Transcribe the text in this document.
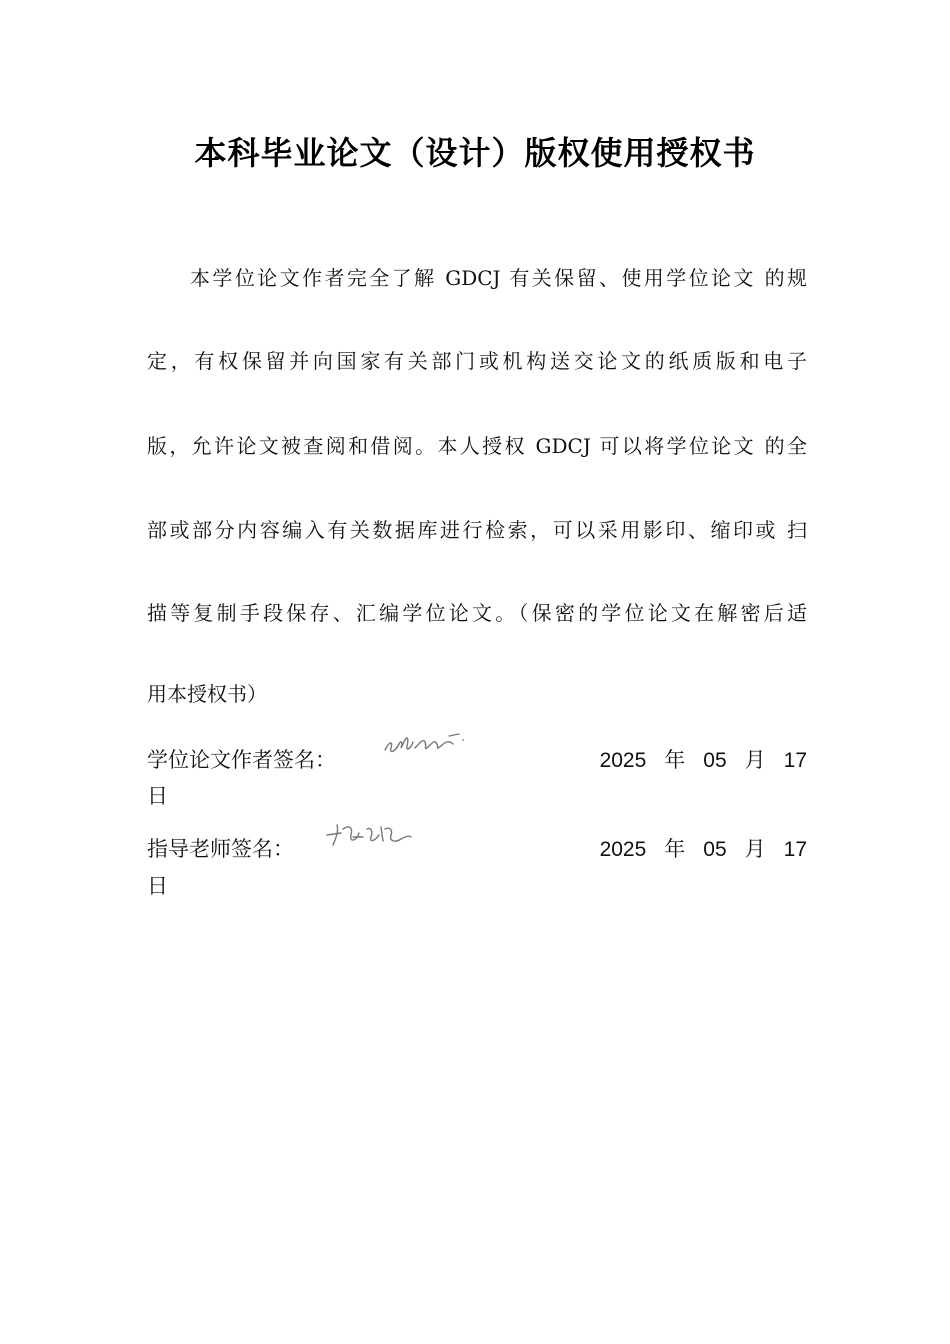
本科毕业论文（设计）版权使用授权书
本学位论文作者完全了解 GDCJ 有关保留、使用学位论文 的规
定，有权保留并向国家有关部门或机构送交论文的纸质版和电子
版，允许论文被查阅和借阅。本人授权 GDCJ 可以将学位论文 的全
部或部分内容编入有关数据库进行检索，可以采用影印、缩印或 扫
描等复制手段保存、汇编学位论文。（保密的学位论文在解密后适
用本授权书）
学位论文作者签名：	2025 年 05 月 17
日
指导老师签名：	2025 年 05 月 17
日
